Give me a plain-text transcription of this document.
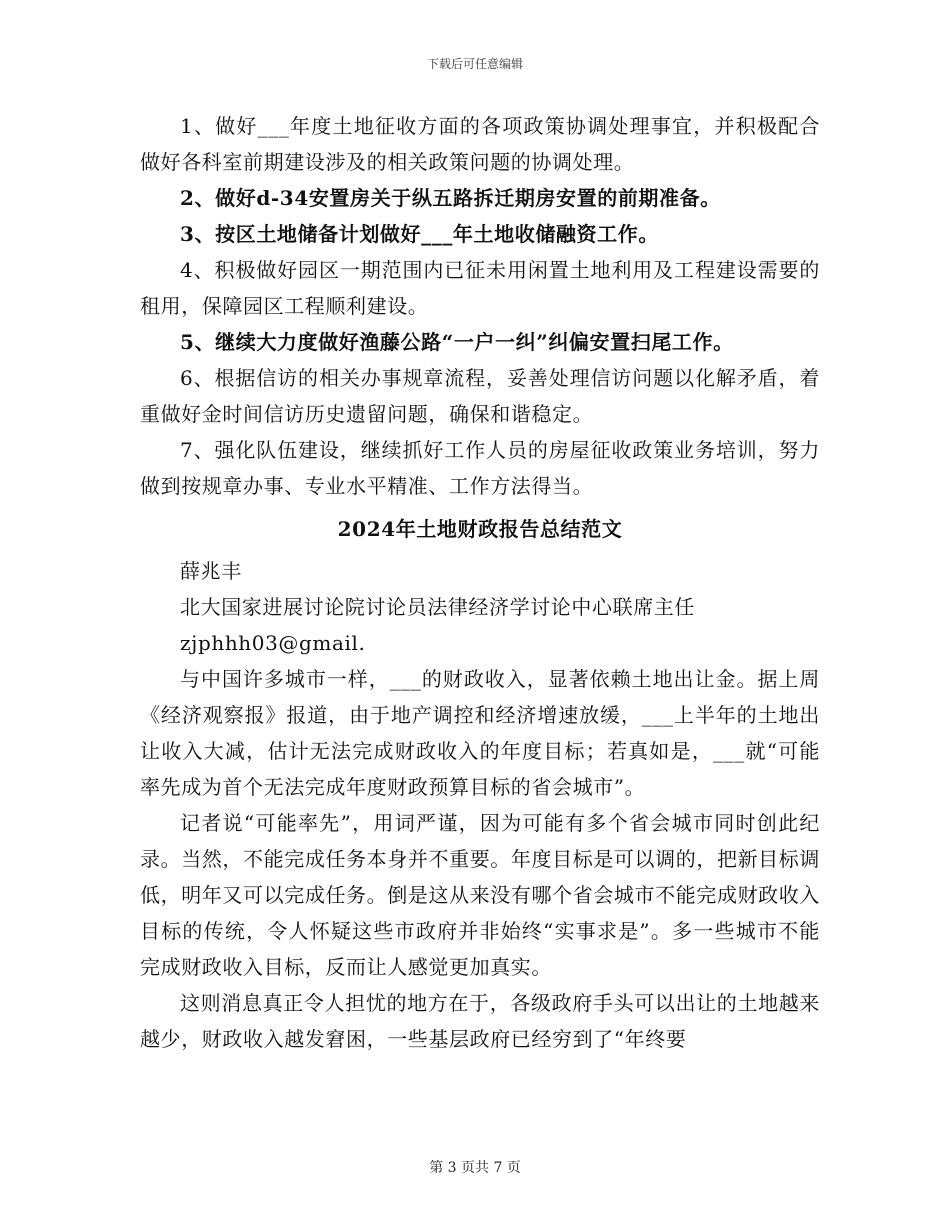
下载后可任意编辑

1、做好___年度土地征收方面的各项政策协调处理事宜，并积极配合做好各科室前期建设涉及的相关政策问题的协调处理。

2、做好d-34安置房关于纵五路拆迁期房安置的前期准备。

3、按区土地储备计划做好___年土地收储融资工作。

4、积极做好园区一期范围内已征未用闲置土地利用及工程建设需要的租用，保障园区工程顺利建设。

5、继续大力度做好渔藤公路“一户一纠”纠偏安置扫尾工作。

6、根据信访的相关办事规章流程，妥善处理信访问题以化解矛盾，着重做好金时间信访历史遗留问题，确保和谐稳定。

7、强化队伍建设，继续抓好工作人员的房屋征收政策业务培训，努力做到按规章办事、专业水平精准、工作方法得当。

2024年土地财政报告总结范文

薛兆丰

北大国家进展讨论院讨论员法律经济学讨论中心联席主任

zjphhh03@gmail.

与中国许多城市一样，___的财政收入，显著依赖土地出让金。据上周《经济观察报》报道，由于地产调控和经济增速放缓，___上半年的土地出让收入大减，估计无法完成财政收入的年度目标；若真如是，___就“可能率先成为首个无法完成年度财政预算目标的省会城市”。

记者说“可能率先”，用词严谨，因为可能有多个省会城市同时创此纪录。当然，不能完成任务本身并不重要。年度目标是可以调的，把新目标调低，明年又可以完成任务。倒是这从来没有哪个省会城市不能完成财政收入目标的传统，令人怀疑这些市政府并非始终“实事求是”。多一些城市不能完成财政收入目标，反而让人感觉更加真实。

这则消息真正令人担忧的地方在于，各级政府手头可以出让的土地越来越少，财政收入越发窘困，一些基层政府已经穷到了“年终要

第 3 页共 7 页
